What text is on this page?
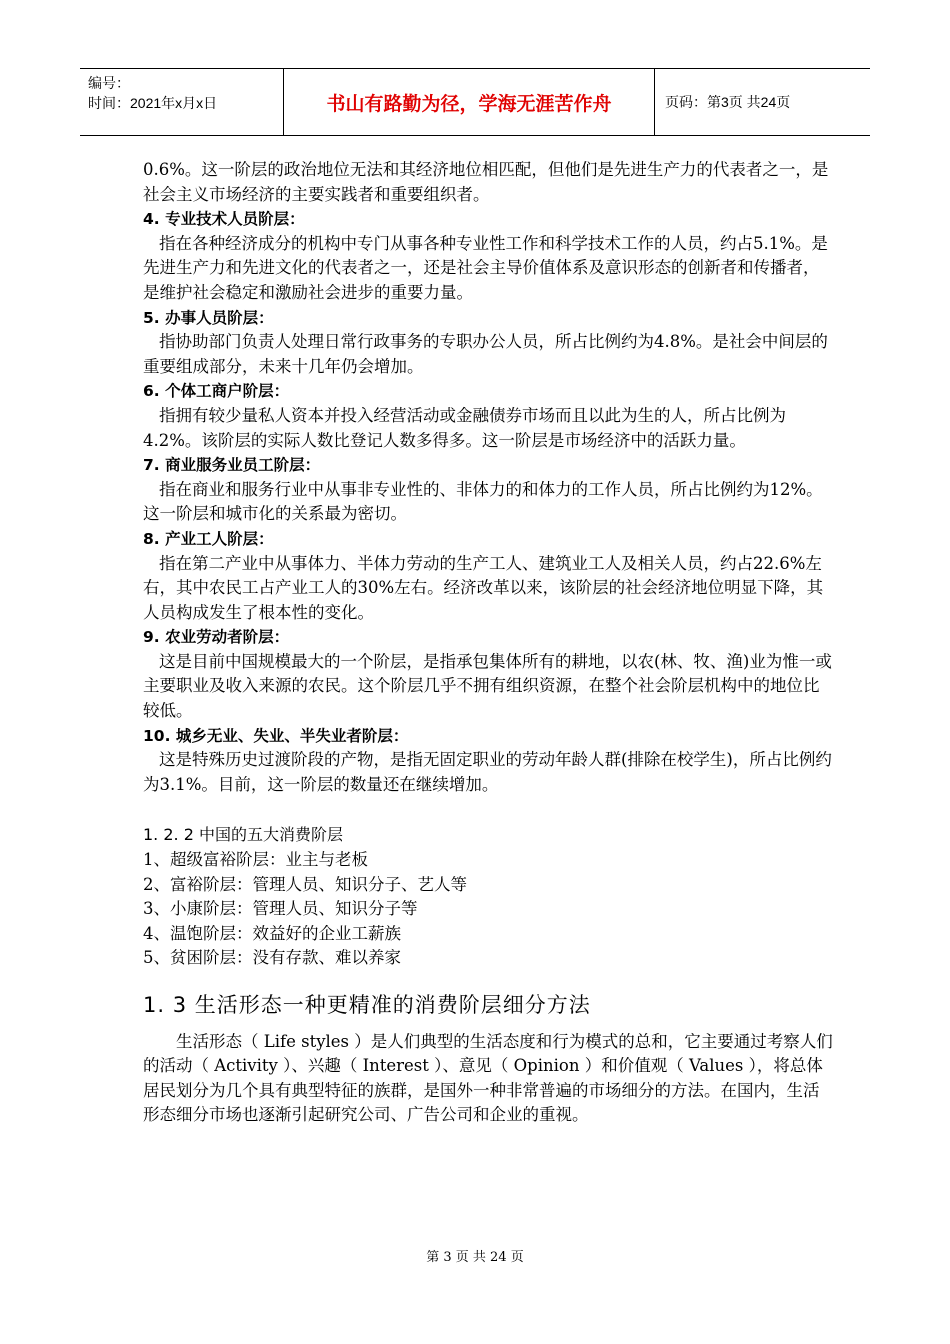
编号：
时间：2021年x月x日	书山有路勤为径，学海无涯苦作舟	页码：第3页 共24页

0.6%。这一阶层的政治地位无法和其经济地位相匹配，但他们是先进生产力的代表者之一，是社会主义市场经济的主要实践者和重要组织者。

4. 专业技术人员阶层：

指在各种经济成分的机构中专门从事各种专业性工作和科学技术工作的人员，约占5.1%。是先进生产力和先进文化的代表者之一，还是社会主导价值体系及意识形态的创新者和传播者，是维护社会稳定和激励社会进步的重要力量。

5. 办事人员阶层：

指协助部门负责人处理日常行政事务的专职办公人员，所占比例约为4.8%。是社会中间层的重要组成部分，未来十几年仍会增加。

6. 个体工商户阶层：

指拥有较少量私人资本并投入经营活动或金融债券市场而且以此为生的人，所占比例为4.2%。该阶层的实际人数比登记人数多得多。这一阶层是市场经济中的活跃力量。

7. 商业服务业员工阶层：

指在商业和服务行业中从事非专业性的、非体力的和体力的工作人员，所占比例约为12%。这一阶层和城市化的关系最为密切。

8. 产业工人阶层：

指在第二产业中从事体力、半体力劳动的生产工人、建筑业工人及相关人员，约占22.6%左右，其中农民工占产业工人的30%左右。经济改革以来，该阶层的社会经济地位明显下降，其人员构成发生了根本性的变化。

9. 农业劳动者阶层：

这是目前中国规模最大的一个阶层，是指承包集体所有的耕地，以农(林、牧、渔)业为惟一或主要职业及收入来源的农民。这个阶层几乎不拥有组织资源，在整个社会阶层机构中的地位比较低。

10. 城乡无业、失业、半失业者阶层：

这是特殊历史过渡阶段的产物，是指无固定职业的劳动年龄人群(排除在校学生)，所占比例约为3.1%。目前，这一阶层的数量还在继续增加。

1. 2. 2 中国的五大消费阶层

1、超级富裕阶层：业主与老板

2、富裕阶层：管理人员、知识分子、艺人等

3、小康阶层：管理人员、知识分子等

4、温饱阶层：效益好的企业工薪族

5、贫困阶层：没有存款、难以养家

1. 3 生活形态一种更精准的消费阶层细分方法

生活形态（ Life styles ）是人们典型的生活态度和行为模式的总和，它主要通过考察人们的活动（ Activity ）、兴趣（ Interest ）、意见（ Opinion ）和价值观（ Values ），将总体居民划分为几个具有典型特征的族群，是国外一种非常普遍的市场细分的方法。在国内，生活形态细分市场也逐渐引起研究公司、广告公司和企业的重视。

第 3 页 共 24 页
